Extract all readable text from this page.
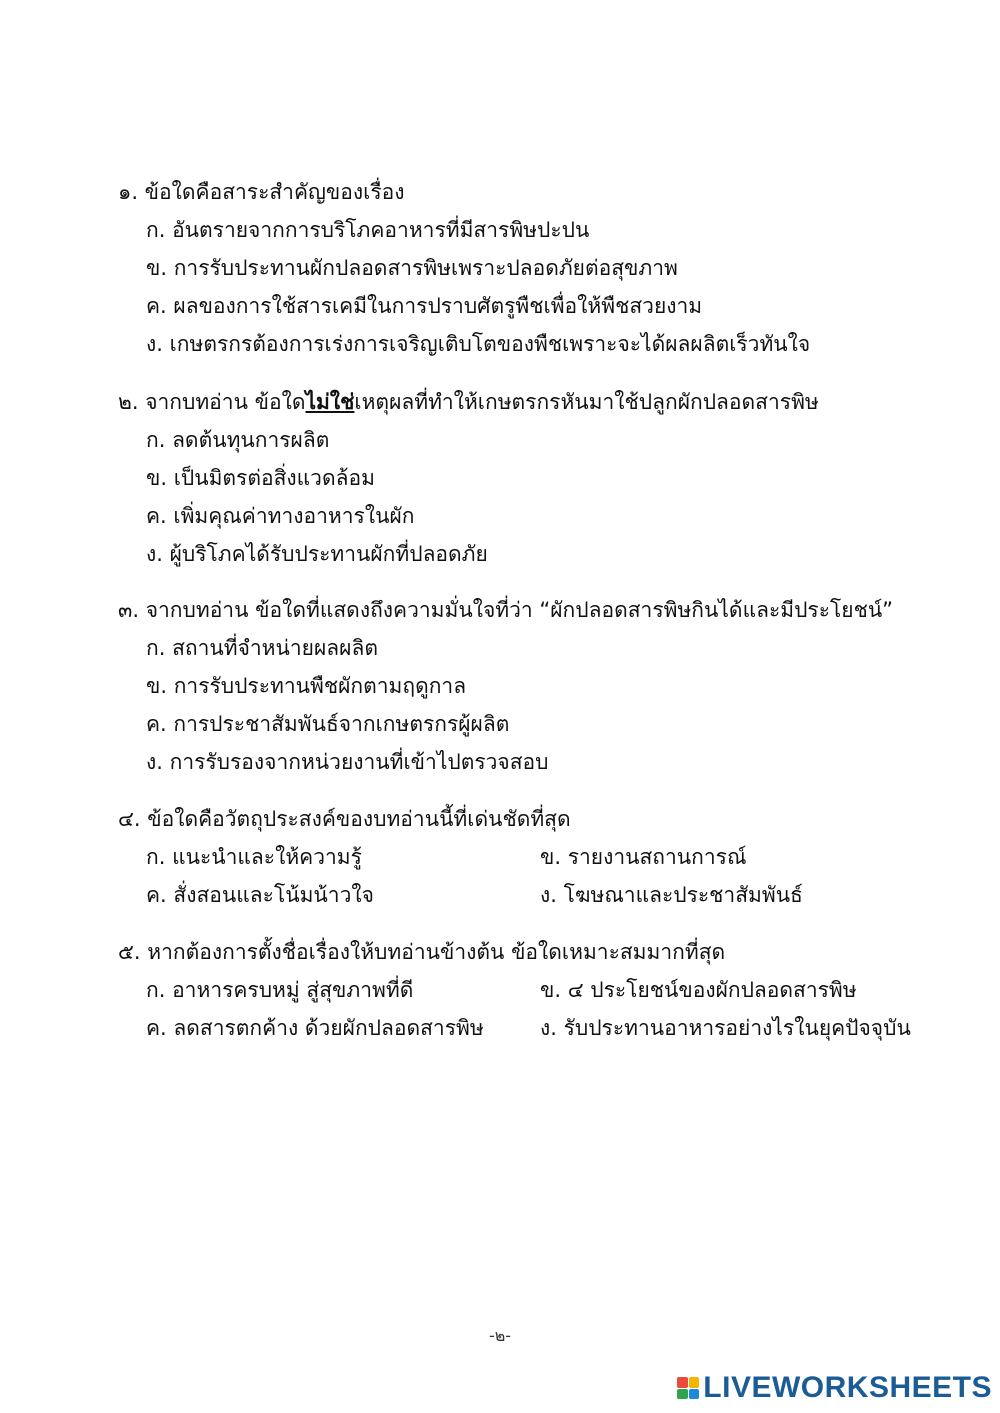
๑. ข้อใดคือสาระสำคัญของเรื่อง
ก. อันตรายจากการบริโภคอาหารที่มีสารพิษปะปน
ข. การรับประทานผักปลอดสารพิษเพราะปลอดภัยต่อสุขภาพ
ค. ผลของการใช้สารเคมีในการปราบศัตรูพืชเพื่อให้พืชสวยงาม
ง. เกษตรกรต้องการเร่งการเจริญเติบโตของพืชเพราะจะได้ผลผลิตเร็วทันใจ
๒. จากบทอ่าน ข้อใดไม่ใช่เหตุผลที่ทำให้เกษตรกรหันมาใช้ปลูกผักปลอดสารพิษ
ก. ลดต้นทุนการผลิต
ข. เป็นมิตรต่อสิ่งแวดล้อม
ค. เพิ่มคุณค่าทางอาหารในผัก
ง. ผู้บริโภคได้รับประทานผักที่ปลอดภัย
๓. จากบทอ่าน ข้อใดที่แสดงถึงความมั่นใจที่ว่า “ผักปลอดสารพิษกินได้และมีประโยชน์”
ก. สถานที่จำหน่ายผลผลิต
ข. การรับประทานพืชผักตามฤดูกาล
ค. การประชาสัมพันธ์จากเกษตรกรผู้ผลิต
ง. การรับรองจากหน่วยงานที่เข้าไปตรวจสอบ
๔. ข้อใดคือวัตถุประสงค์ของบทอ่านนี้ที่เด่นชัดที่สุด
ก. แนะนำและให้ความรู้	ข. รายงานสถานการณ์
ค. สั่งสอนและโน้มน้าวใจ	ง. โฆษณาและประชาสัมพันธ์
๕. หากต้องการตั้งชื่อเรื่องให้บทอ่านข้างต้น ข้อใดเหมาะสมมากที่สุด
ก. อาหารครบหมู่ สู่สุขภาพที่ดี	ข. ๔ ประโยชน์ของผักปลอดสารพิษ
ค. ลดสารตกค้าง ด้วยผักปลอดสารพิษ	ง. รับประทานอาหารอย่างไรในยุคปัจจุบัน
-๒-
LIVEWORKSHEETS
